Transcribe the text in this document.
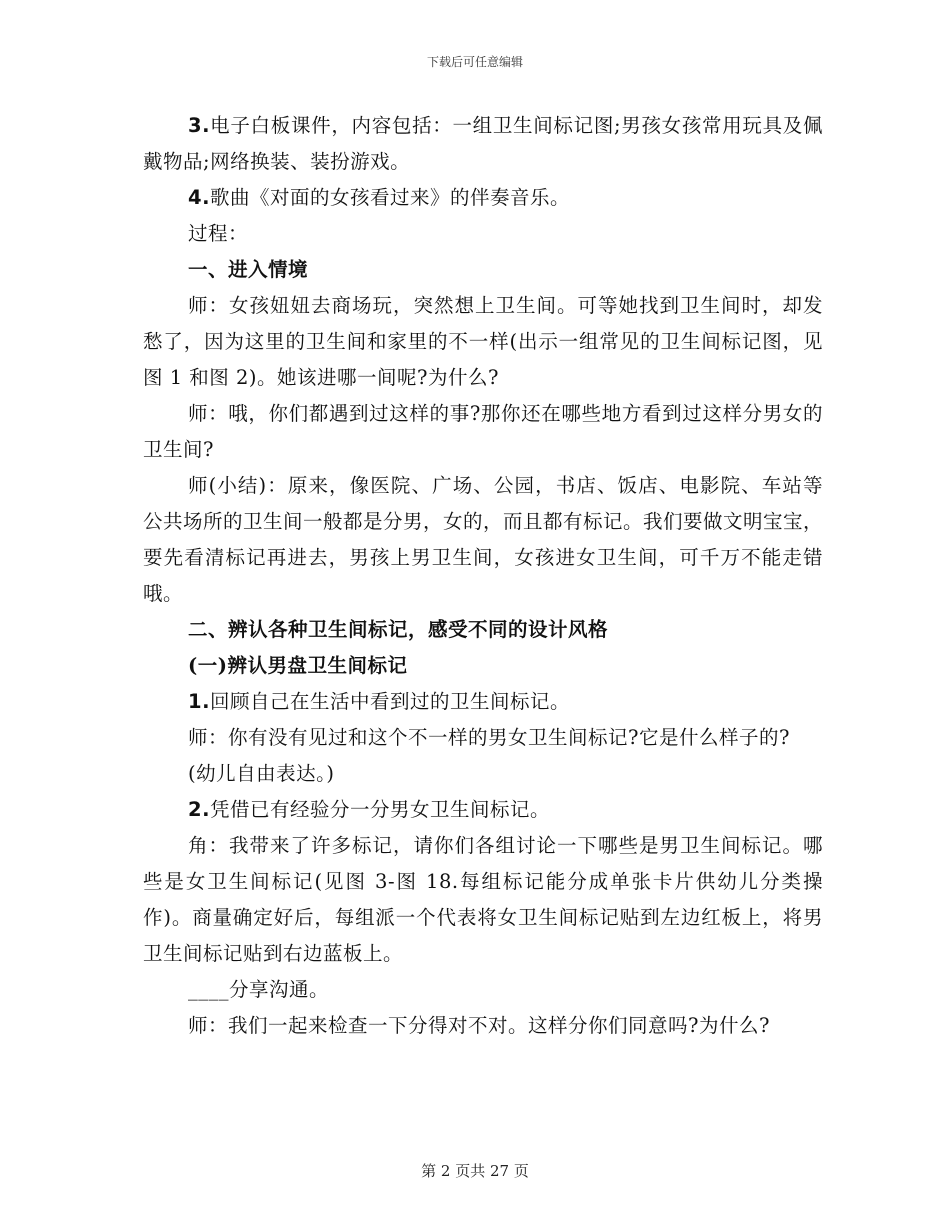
下载后可任意编辑

3.电子白板课件，内容包括：一组卫生间标记图;男孩女孩常用玩具及佩戴物品;网络换装、装扮游戏。

4.歌曲《对面的女孩看过来》的伴奏音乐。

过程：

一、进入情境

师：女孩妞妞去商场玩，突然想上卫生间。可等她找到卫生间时，却发愁了，因为这里的卫生间和家里的不一样(出示一组常见的卫生间标记图，见图 1 和图 2)。她该进哪一间呢?为什么?

师：哦，你们都遇到过这样的事?那你还在哪些地方看到过这样分男女的卫生间?

师(小结)：原来，像医院、广场、公园，书店、饭店、电影院、车站等公共场所的卫生间一般都是分男，女的，而且都有标记。我们要做文明宝宝，要先看清标记再进去，男孩上男卫生间，女孩进女卫生间，可千万不能走错哦。

二、辨认各种卫生间标记，感受不同的设计风格

(一)辨认男盘卫生间标记

1.回顾自己在生活中看到过的卫生间标记。

师：你有没有见过和这个不一样的男女卫生间标记?它是什么样子的?

(幼儿自由表达。)

2.凭借已有经验分一分男女卫生间标记。

角：我带来了许多标记，请你们各组讨论一下哪些是男卫生间标记。哪些是女卫生间标记(见图 3-图 18.每组标记能分成单张卡片供幼儿分类操作)。商量确定好后，每组派一个代表将女卫生间标记贴到左边红板上，将男卫生间标记贴到右边蓝板上。

____分享沟通。

师：我们一起来检查一下分得对不对。这样分你们同意吗?为什么?

第 2 页共 27 页
